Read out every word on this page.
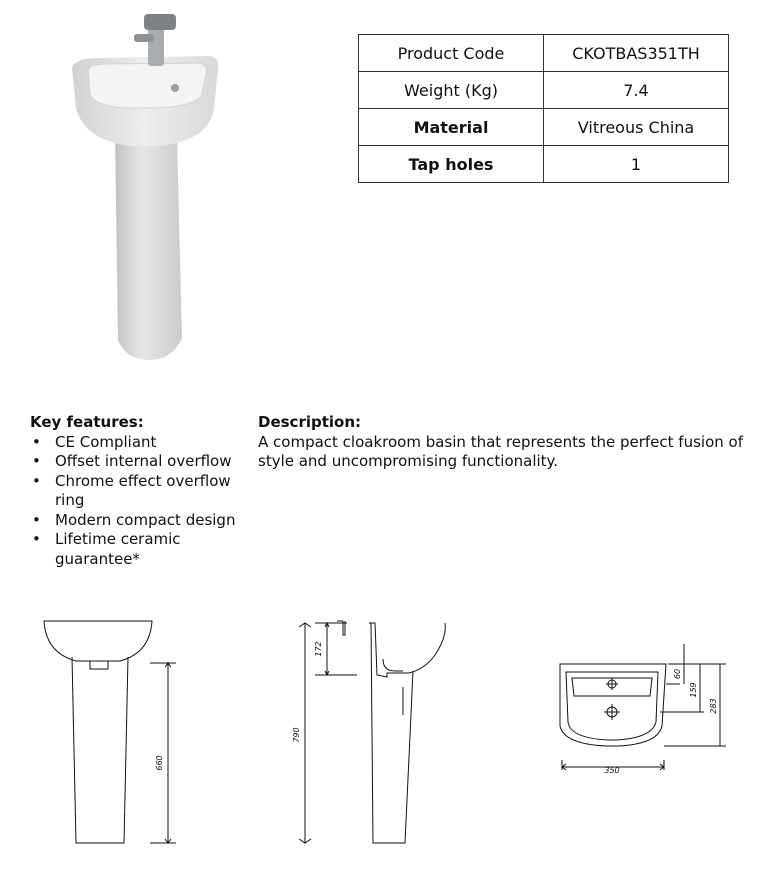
Product Code	CKOTBAS351TH
Weight (Kg)	7.4
Material	Vitreous China
Tap holes	1
Key features:
• CE Compliant
• Offset internal overflow
• Chrome effect overflow ring
• Modern compact design
• Lifetime ceramic guarantee*
Description:

A compact cloakroom basin that represents the perfect fusion of style and uncompromising functionality.

660
172
790
60
159
283
350
